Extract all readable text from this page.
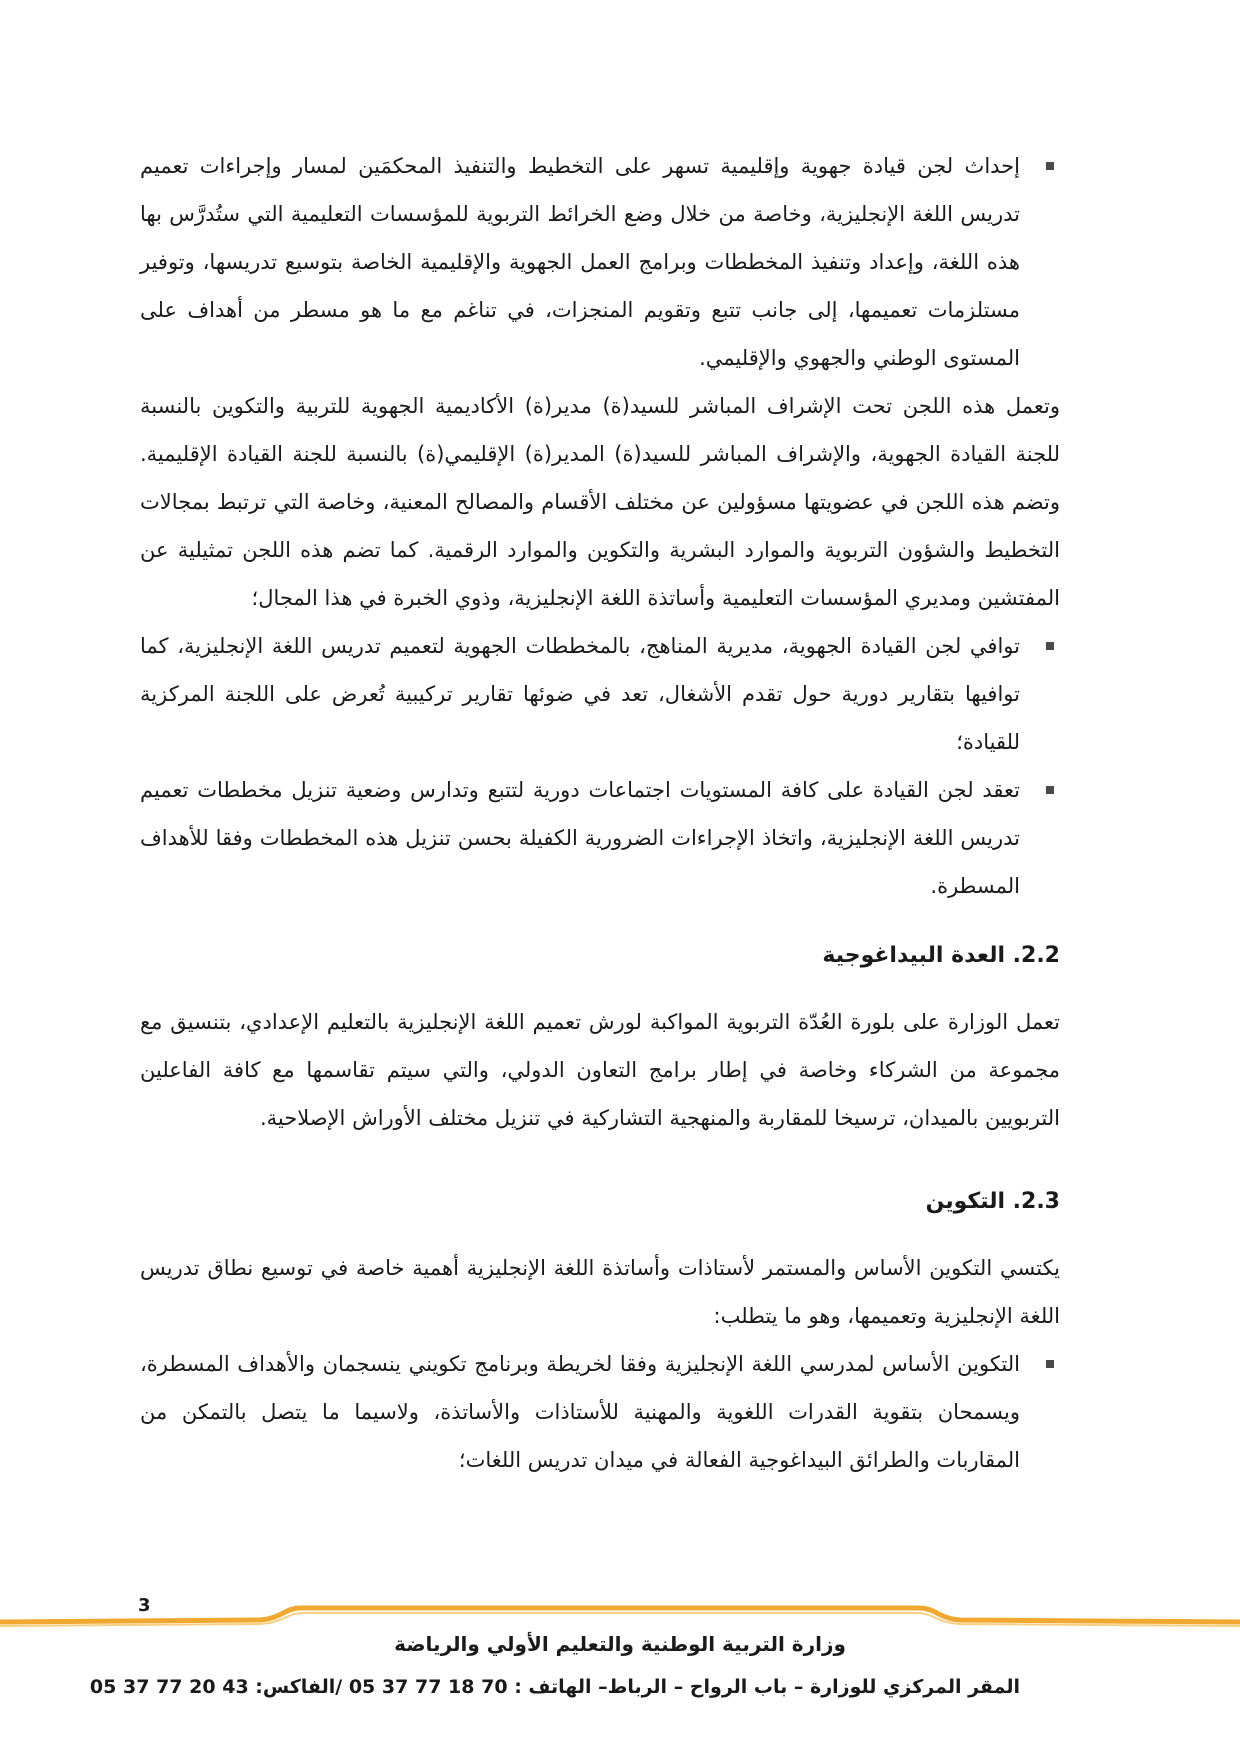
إحداث لجن قيادة جهوية وإقليمية تسهر على التخطيط والتنفيذ المحكمَين لمسار وإجراءات تعميم تدريس اللغة الإنجليزية، وخاصة من خلال وضع الخرائط التربوية للمؤسسات التعليمية التي ستُدرَّس بها هذه اللغة، وإعداد وتنفيذ المخططات وبرامج العمل الجهوية والإقليمية الخاصة بتوسيع تدريسها، وتوفير مستلزمات تعميمها، إلى جانب تتبع وتقويم المنجزات، في تناغم مع ما هو مسطر من أهداف على المستوى الوطني والجهوي والإقليمي.

وتعمل هذه اللجن تحت الإشراف المباشر للسيد(ة) مدير(ة) الأكاديمية الجهوية للتربية والتكوين بالنسبة للجنة القيادة الجهوية، والإشراف المباشر للسيد(ة) المدير(ة) الإقليمي(ة) بالنسبة للجنة القيادة الإقليمية. وتضم هذه اللجن في عضويتها مسؤولين عن مختلف الأقسام والمصالح المعنية، وخاصة التي ترتبط بمجالات التخطيط والشؤون التربوية والموارد البشرية والتكوين والموارد الرقمية. كما تضم هذه اللجن تمثيلية عن المفتشين ومديري المؤسسات التعليمية وأساتذة اللغة الإنجليزية، وذوي الخبرة في هذا المجال؛

توافي لجن القيادة الجهوية، مديرية المناهج، بالمخططات الجهوية لتعميم تدريس اللغة الإنجليزية، كما توافيها بتقارير دورية حول تقدم الأشغال، تعد في ضوئها تقارير تركيبية تُعرض على اللجنة المركزية للقيادة؛

تعقد لجن القيادة على كافة المستويات اجتماعات دورية لتتبع وتدارس وضعية تنزيل مخططات تعميم تدريس اللغة الإنجليزية، واتخاذ الإجراءات الضرورية الكفيلة بحسن تنزيل هذه المخططات وفقا للأهداف المسطرة.

2.2. العدة البيداغوجية

تعمل الوزارة على بلورة العُدّة التربوية المواكبة لورش تعميم اللغة الإنجليزية بالتعليم الإعدادي، بتنسيق مع مجموعة من الشركاء وخاصة في إطار برامج التعاون الدولي، والتي سيتم تقاسمها مع كافة الفاعلين التربويين بالميدان، ترسيخا للمقاربة والمنهجية التشاركية في تنزيل مختلف الأوراش الإصلاحية.

2.3. التكوين

يكتسي التكوين الأساس والمستمر لأستاذات وأساتذة اللغة الإنجليزية أهمية خاصة في توسيع نطاق تدريس اللغة الإنجليزية وتعميمها، وهو ما يتطلب:

التكوين الأساس لمدرسي اللغة الإنجليزية وفقا لخريطة وبرنامج تكويني ينسجمان والأهداف المسطرة، ويسمحان بتقوية القدرات اللغوية والمهنية للأستاذات والأساتذة، ولاسيما ما يتصل بالتمكن من المقاربات والطرائق البيداغوجية الفعالة في ميدان تدريس اللغات؛

3
وزارة التربية الوطنية والتعليم الأولي والرياضة
المقر المركزي للوزارة – باب الرواح – الرباط– الهاتف : 70 18 77 37 05 /الفاكس: 43 20 77 37 05
